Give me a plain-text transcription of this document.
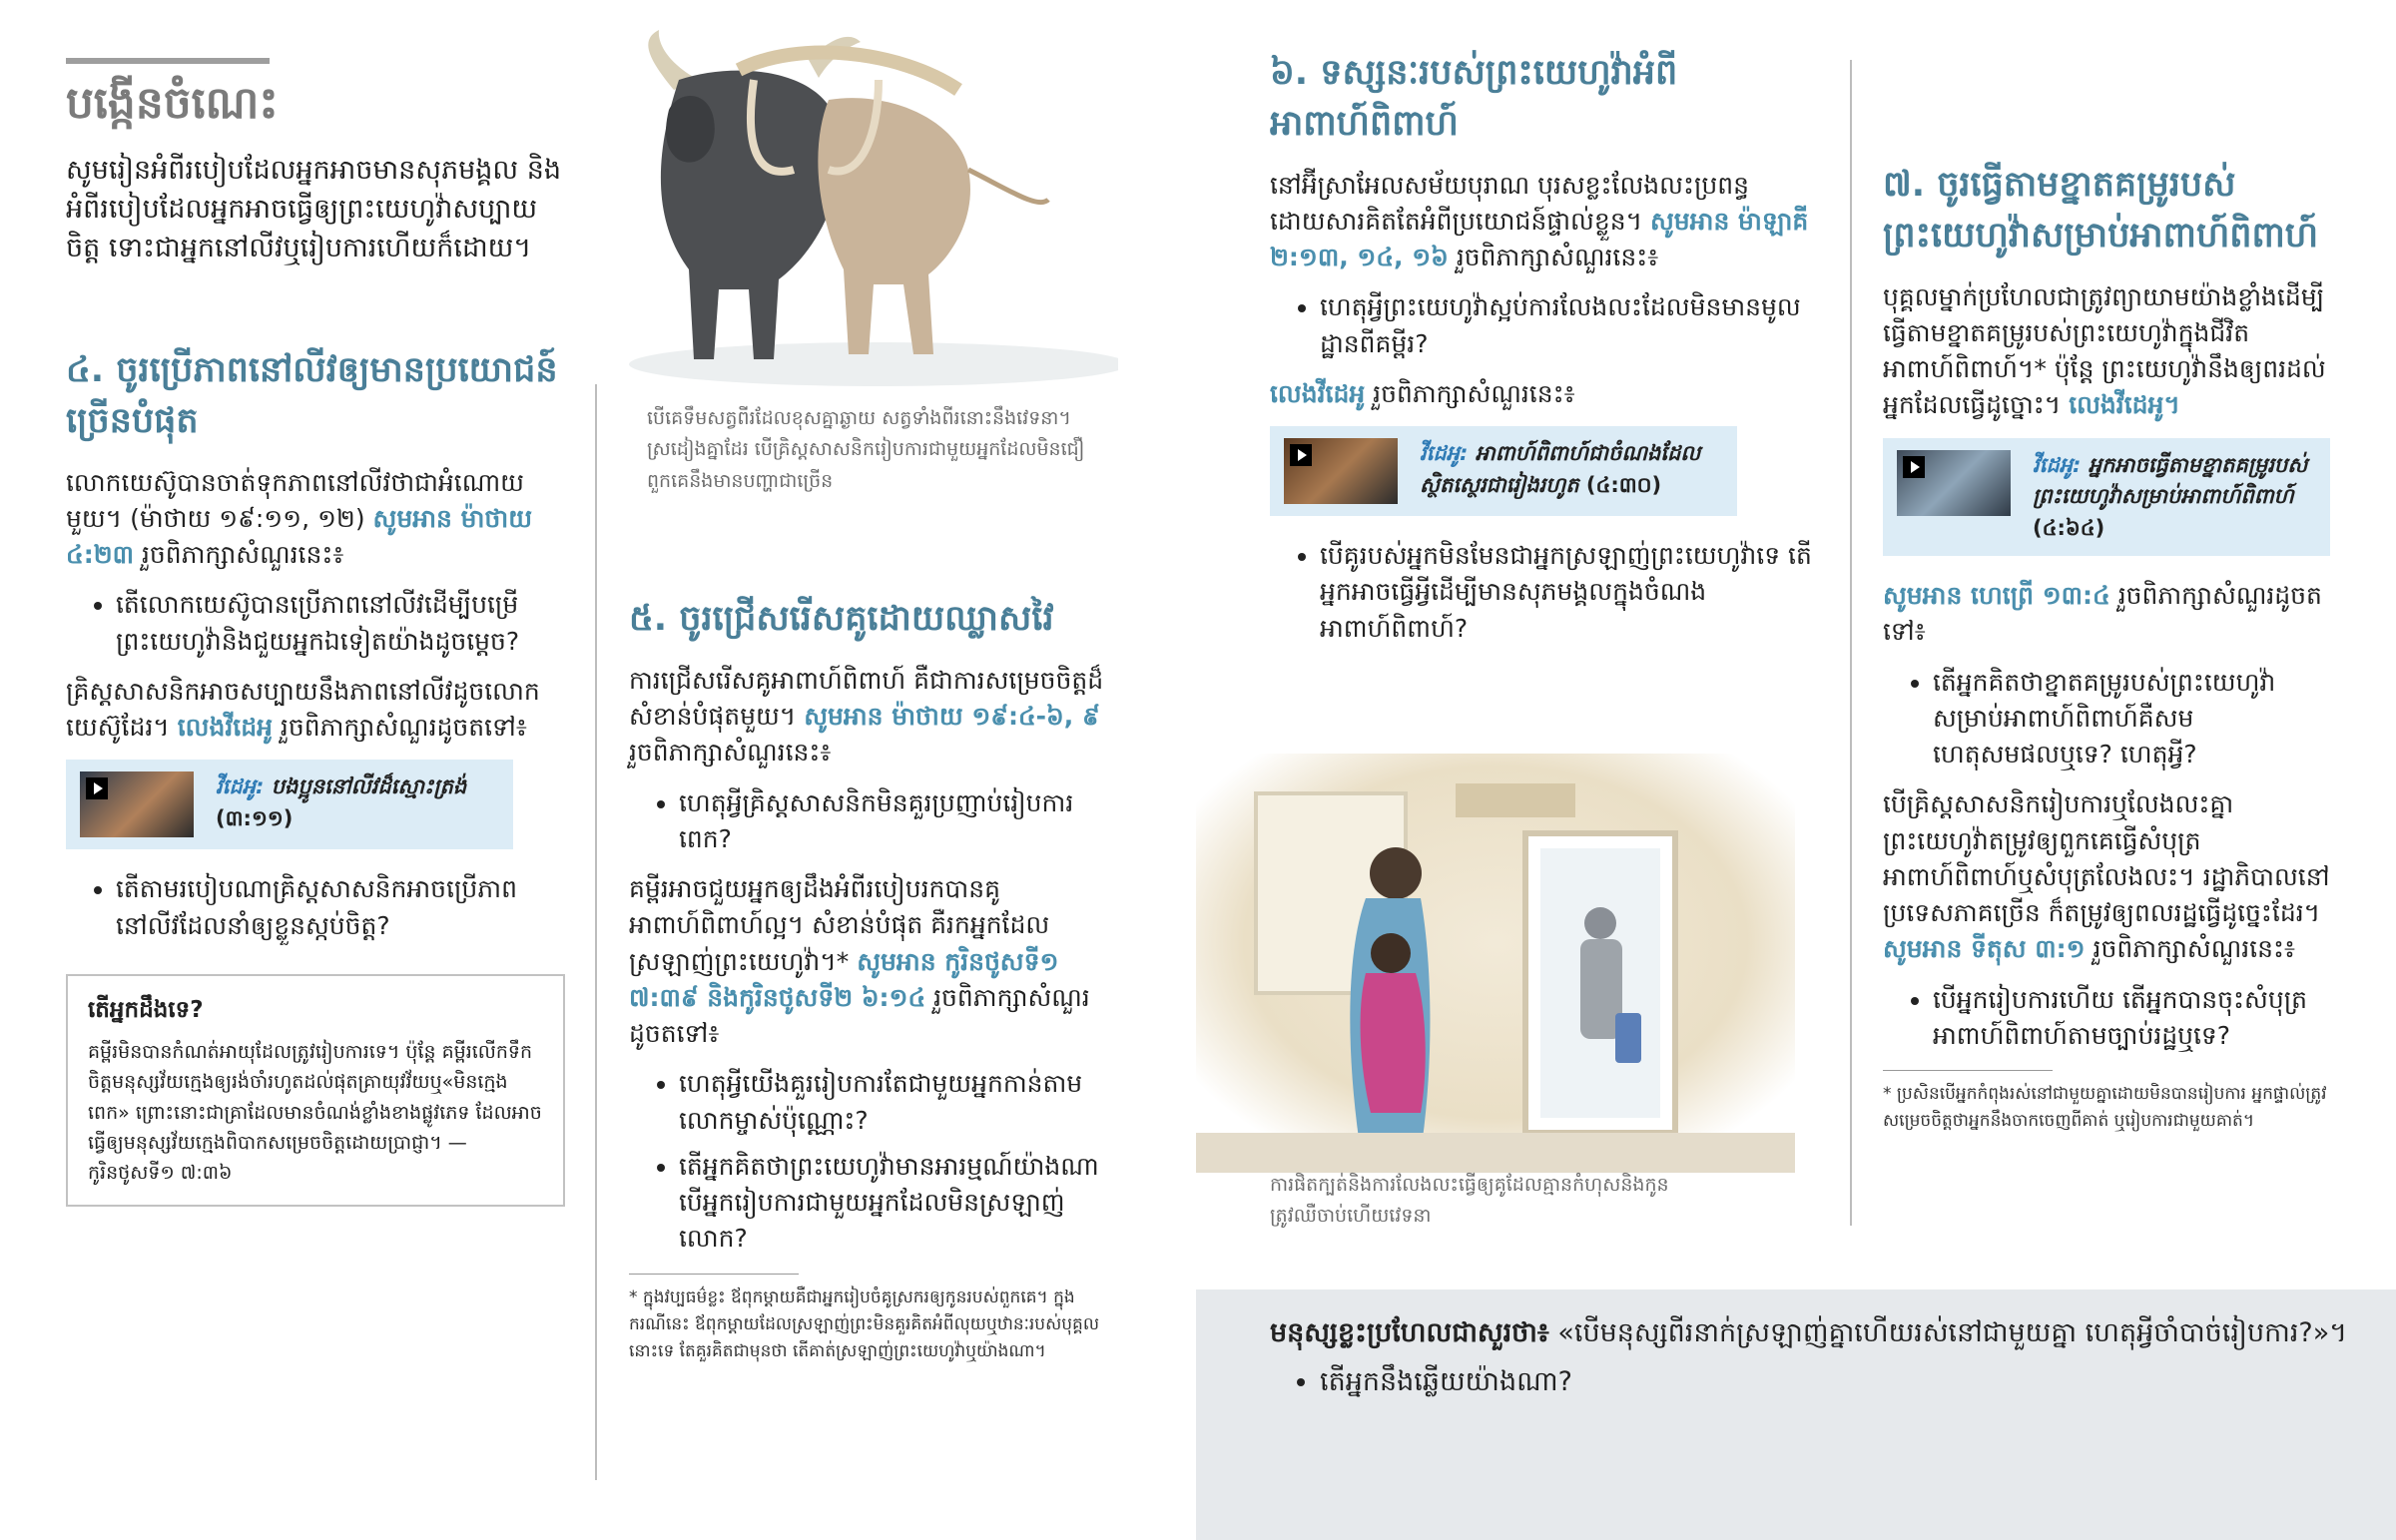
បង្កើនចំណេះ

សូមរៀនអំពីរបៀបដែលអ្នកអាចមានសុភមង្គល និងអំពីរបៀបដែលអ្នកអាចធ្វើឲ្យព្រះយេហូវ៉ាសប្បាយចិត្ត ទោះជាអ្នកនៅលីវឬរៀបការហើយក៏ដោយ។

៤. ចូរប្រើភាពនៅលីវឲ្យមានប្រយោជន៍ច្រើនបំផុត

លោកយេស៊ូបានចាត់ទុកភាពនៅលីវថាជាអំណោយមួយ។ (ម៉ាថាយ ១៩:១១, ១២) សូមអាន ម៉ាថាយ ៤:២៣ រួចពិភាក្សាសំណួរនេះ៖

• តើលោកយេស៊ូបានប្រើភាពនៅលីវដើម្បីបម្រើព្រះយេហូវ៉ានិងជួយអ្នកឯទៀតយ៉ាងដូចម្ដេច?

គ្រិស្តសាសនិកអាចសប្បាយនឹងភាពនៅលីវដូចលោកយេស៊ូដែរ។ លេងវីដេអូ រួចពិភាក្សាសំណួរដូចតទៅ៖

វីដេអូ: បងប្អូននៅលីវដ៏ស្មោះត្រង់ (៣:១១)
• តើតាមរបៀបណាគ្រិស្តសាសនិកអាចប្រើភាពនៅលីវដែលនាំឲ្យខ្លួនស្កប់ចិត្ត?
តើអ្នកដឹងទេ?
គម្ពីរមិនបានកំណត់អាយុដែលត្រូវរៀបការទេ។ ប៉ុន្តែ គម្ពីរលើកទឹកចិត្តមនុស្សវ័យក្មេងឲ្យរង់ចាំរហូតដល់ផុតគ្រាយុវវ័យឬ«មិនក្មេងពេក» ព្រោះនោះជាគ្រាដែលមានចំណង់ខ្លាំងខាងផ្លូវភេទ ដែលអាចធ្វើឲ្យមនុស្សវ័យក្មេងពិបាកសម្រេចចិត្តដោយប្រាជ្ញា។ —កូរិនថូសទី១ ៧:៣៦
បើគេទឹមសត្វពីរដែលខុសគ្នាឆ្ងាយ សត្វទាំងពីរនោះនឹងវេទនា។ ស្រដៀងគ្នាដែរ បើគ្រិស្តសាសនិករៀបការជាមួយអ្នកដែលមិនជឿ ពួកគេនឹងមានបញ្ហាជាច្រើន
៥. ចូរជ្រើសរើសគូដោយឈ្លាសវៃ

ការជ្រើសរើសគូអាពាហ៍ពិពាហ៍ គឺជាការសម្រេចចិត្តដ៏សំខាន់បំផុតមួយ។ សូមអាន ម៉ាថាយ ១៩:៤-៦, ៩ រួចពិភាក្សាសំណួរនេះ៖

• ហេតុអ្វីគ្រិស្តសាសនិកមិនគួរប្រញាប់រៀបការពេក?

គម្ពីរអាចជួយអ្នកឲ្យដឹងអំពីរបៀបរកបានគូអាពាហ៍ពិពាហ៍ល្អ។ សំខាន់បំផុត គឺរកអ្នកដែលស្រឡាញ់ព្រះយេហូវ៉ា។* សូមអាន កូរិនថូសទី១ ៧:៣៩ និងកូរិនថូសទី២ ៦:១៤ រួចពិភាក្សាសំណួរដូចតទៅ៖

• ហេតុអ្វីយើងគួររៀបការតែជាមួយអ្នកកាន់តាមលោកម្ចាស់ប៉ុណ្ណោះ?
• តើអ្នកគិតថាព្រះយេហូវ៉ាមានអារម្មណ៍យ៉ាងណា បើអ្នករៀបការជាមួយអ្នកដែលមិនស្រឡាញ់លោក?
* ក្នុងវប្បធម៌ខ្លះ ឪពុកម្ដាយគឺជាអ្នករៀបចំគូស្រករឲ្យកូនរបស់ពួកគេ។ ក្នុងករណីនេះ ឪពុកម្ដាយដែលស្រឡាញ់ព្រះមិនគួរគិតអំពីលុយឬឋានៈរបស់បុគ្គលនោះទេ តែគួរគិតជាមុនថា តើគាត់ស្រឡាញ់ព្រះយេហូវ៉ាឬយ៉ាងណា។
៦. ទស្សនៈរបស់ព្រះយេហូវ៉ាអំពីអាពាហ៍ពិពាហ៍

នៅអ៊ីស្រាអែលសម័យបុរាណ បុរសខ្លះលែងលះប្រពន្ធដោយសារគិតតែអំពីប្រយោជន៍ផ្ទាល់ខ្លួន។ សូមអាន ម៉ាឡាគី ២:១៣, ១៤, ១៦ រួចពិភាក្សាសំណួរនេះ៖

• ហេតុអ្វីព្រះយេហូវ៉ាស្អប់ការលែងលះដែលមិនមានមូលដ្ឋានពីគម្ពីរ?

លេងវីដេអូ រួចពិភាក្សាសំណួរនេះ៖

វីដេអូ: អាពាហ៍ពិពាហ៍ជាចំណងដែលស្ថិតស្ថេរជារៀងរហូត (៤:៣០)
• បើគូរបស់អ្នកមិនមែនជាអ្នកស្រឡាញ់ព្រះយេហូវ៉ាទេ តើអ្នកអាចធ្វើអ្វីដើម្បីមានសុភមង្គលក្នុងចំណងអាពាហ៍ពិពាហ៍?
ការផិតក្បត់និងការលែងលះធ្វើឲ្យគូដែលគ្មានកំហុសនិងកូនត្រូវឈឺចាប់ហើយវេទនា
៧. ចូរធ្វើតាមខ្នាតគម្រូរបស់ព្រះយេហូវ៉ាសម្រាប់អាពាហ៍ពិពាហ៍

បុគ្គលម្នាក់ប្រហែលជាត្រូវព្យាយាមយ៉ាងខ្លាំងដើម្បីធ្វើតាមខ្នាតគម្រូរបស់ព្រះយេហូវ៉ាក្នុងជីវិតអាពាហ៍ពិពាហ៍។* ប៉ុន្តែ ព្រះយេហូវ៉ានឹងឲ្យពរដល់អ្នកដែលធ្វើដូច្នោះ។ លេងវីដេអូ។

វីដេអូ: អ្នកអាចធ្វើតាមខ្នាតគម្រូរបស់ព្រះយេហូវ៉ាសម្រាប់អាពាហ៍ពិពាហ៍ (៤:៦៤)

សូមអាន ហេព្រើ ១៣:៤ រួចពិភាក្សាសំណួរដូចតទៅ៖

• តើអ្នកគិតថាខ្នាតគម្រូរបស់ព្រះយេហូវ៉ាសម្រាប់អាពាហ៍ពិពាហ៍គឺសមហេតុសមផលឬទេ? ហេតុអ្វី?

បើគ្រិស្តសាសនិករៀបការឬលែងលះគ្នា ព្រះយេហូវ៉ាតម្រូវឲ្យពួកគេធ្វើសំបុត្រអាពាហ៍ពិពាហ៍ឬសំបុត្រលែងលះ។ រដ្ឋាភិបាលនៅប្រទេសភាគច្រើន ក៏តម្រូវឲ្យពលរដ្ឋធ្វើដូច្នេះដែរ។ សូមអាន ទីតុស ៣:១ រួចពិភាក្សាសំណួរនេះ៖

• បើអ្នករៀបការហើយ តើអ្នកបានចុះសំបុត្រអាពាហ៍ពិពាហ៍តាមច្បាប់រដ្ឋឬទេ?
* ប្រសិនបើអ្នកកំពុងរស់នៅជាមួយគ្នាដោយមិនបានរៀបការ អ្នកផ្ទាល់ត្រូវសម្រេចចិត្តថាអ្នកនឹងចាកចេញពីគាត់ ឬរៀបការជាមួយគាត់។
មនុស្សខ្លះប្រហែលជាសួរថា៖ «បើមនុស្សពីរនាក់ស្រឡាញ់គ្នាហើយរស់នៅជាមួយគ្នា ហេតុអ្វីចាំបាច់រៀបការ?»។
• តើអ្នកនឹងឆ្លើយយ៉ាងណា?
